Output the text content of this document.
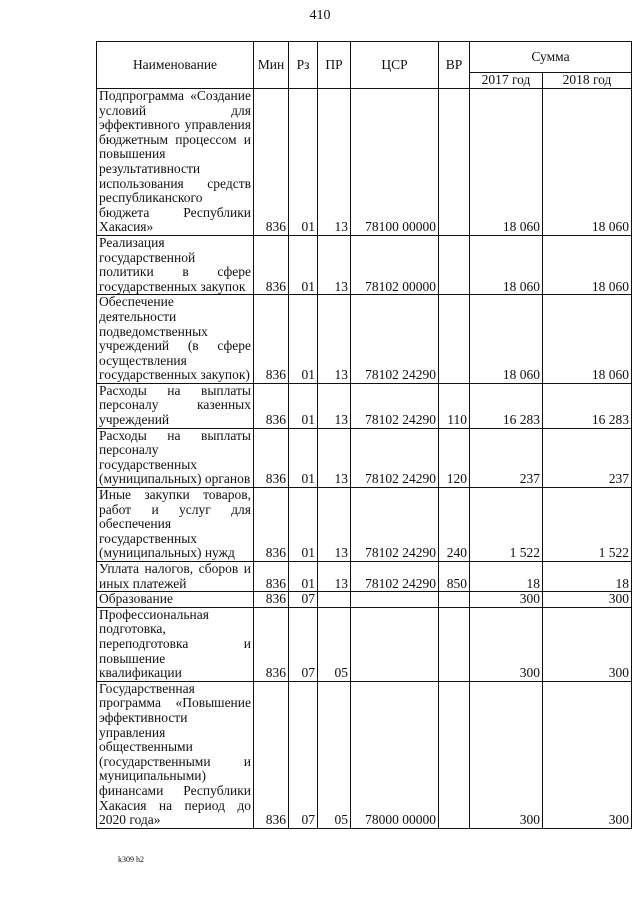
410
Наименование	Мин	Рз	ПР	ЦСР	ВР	Сумма	
						2017 год	2018 год
Подпрограмма «Создание условий для эффективного управления бюджетным процессом и повышения результативности использования средств республиканского бюджета Республики Хакасия»	836	01	13	78100 00000		18 060	18 060
Реализация государственной политики в сфере государственных закупок	836	01	13	78102 00000		18 060	18 060
Обеспечение деятельности подведомственных учреждений (в сфере осуществления государственных закупок)	836	01	13	78102 24290		18 060	18 060
Расходы на выплаты персоналу казенных учреждений	836	01	13	78102 24290	110	16 283	16 283
Расходы на выплаты персоналу государственных (муниципальных) органов	836	01	13	78102 24290	120	237	237
Иные закупки товаров, работ и услуг для обеспечения государственных (муниципальных) нужд	836	01	13	78102 24290	240	1 522	1 522
Уплата налогов, сборов и иных платежей	836	01	13	78102 24290	850	18	18
Образование	836	07				300	300
Профессиональная подготовка, переподготовка и повышение квалификации	836	07	05			300	300
Государственная программа «Повышение эффективности управления общественными (государственными и муниципальными) финансами Республики Хакасия на период до 2020 года»	836	07	05	78000 00000		300	300
k309 h2
